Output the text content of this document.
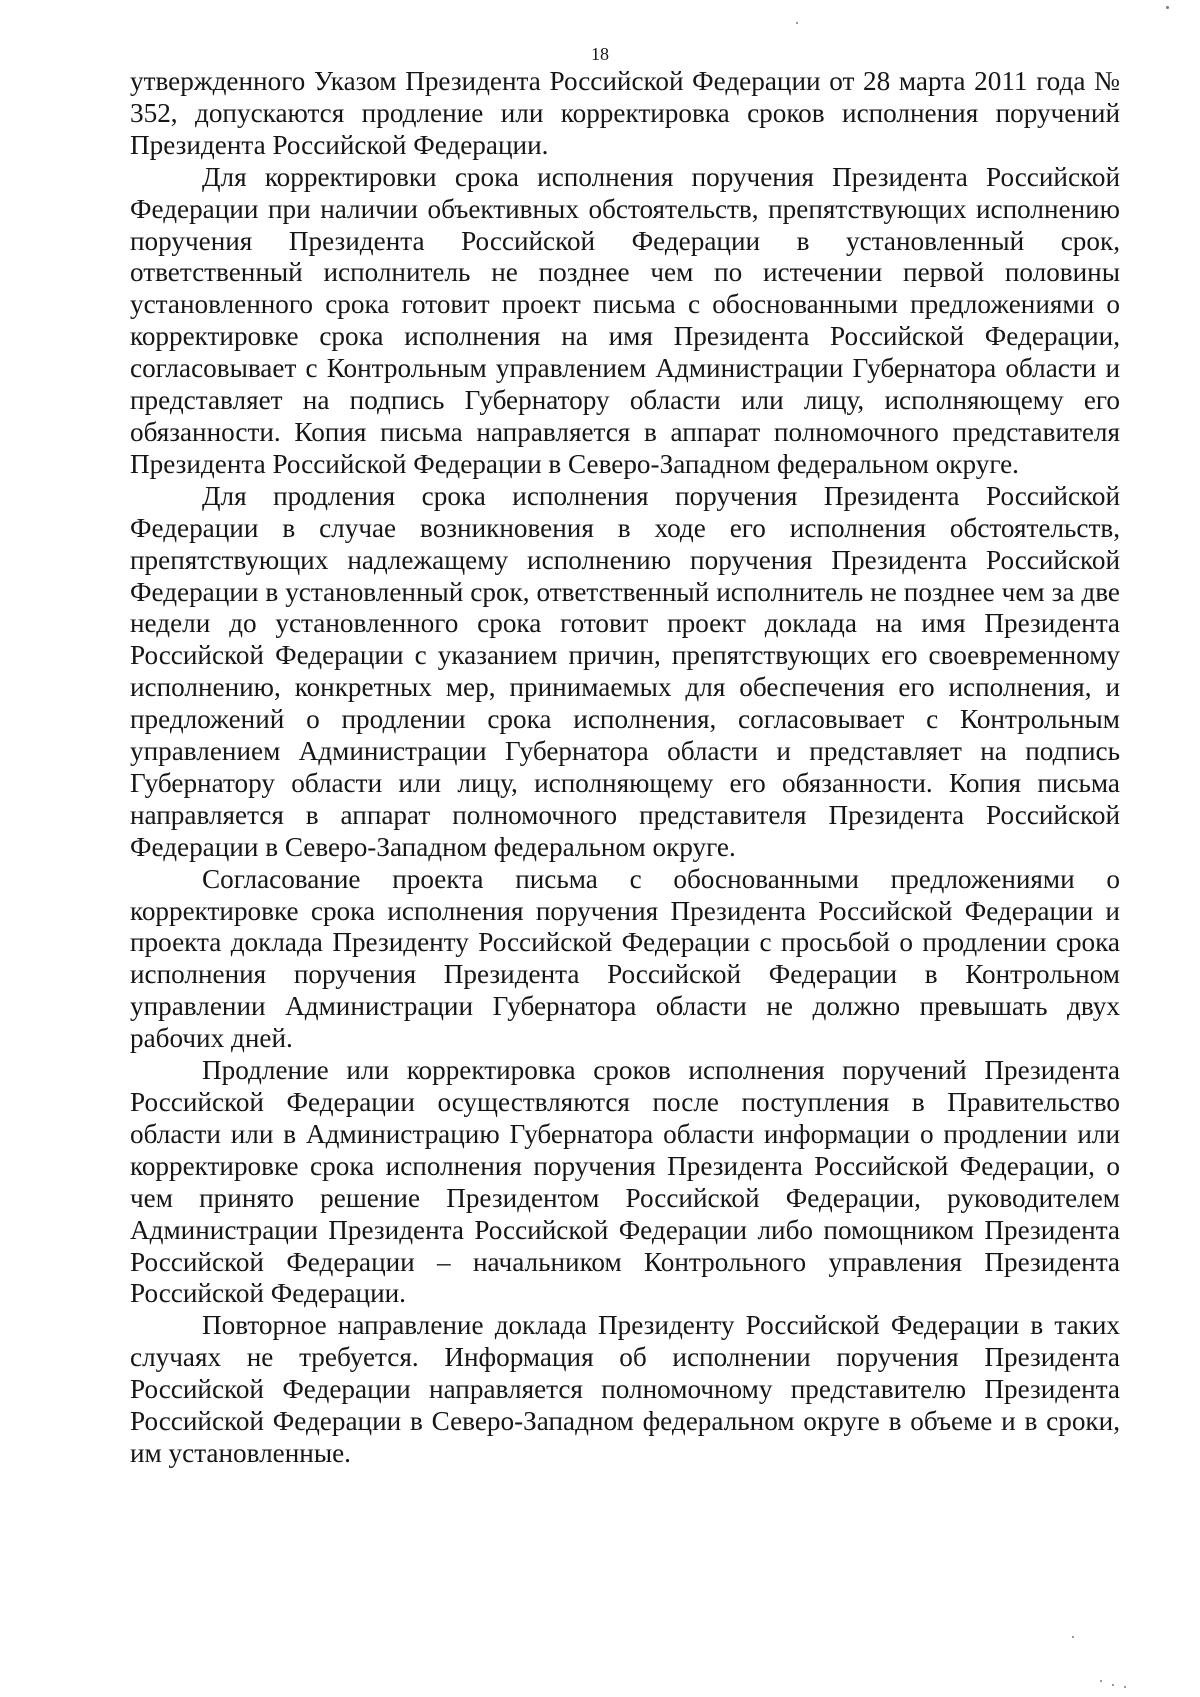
18

утвержденного Указом Президента Российской Федерации от 28 марта 2011 года № 352, допускаются продление или корректировка сроков исполнения поручений Президента Российской Федерации.

Для корректировки срока исполнения поручения Президента Российской Федерации при наличии объективных обстоятельств, препятствующих исполнению поручения Президента Российской Федерации в установленный срок, ответственный исполнитель не позднее чем по истечении первой половины установленного срока готовит проект письма с обоснованными предложениями о корректировке срока исполнения на имя Президента Российской Федерации, согласовывает с Контрольным управлением Администрации Губернатора области и представляет на подпись Губернатору области или лицу, исполняющему его обязанности. Копия письма направляется в аппарат полномочного представителя Президента Российской Федерации в Северо-Западном федеральном округе.

Для продления срока исполнения поручения Президента Российской Федерации в случае возникновения в ходе его исполнения обстоятельств, препятствующих надлежащему исполнению поручения Президента Российской Федерации в установленный срок, ответственный исполнитель не позднее чем за две недели до установленного срока готовит проект доклада на имя Президента Российской Федерации с указанием причин, препятствующих его своевременному исполнению, конкретных мер, принимаемых для обеспечения его исполнения, и предложений о продлении срока исполнения, согласовывает с Контрольным управлением Администрации Губернатора области и представляет на подпись Губернатору области или лицу, исполняющему его обязанности. Копия письма направляется в аппарат полномочного представителя Президента Российской Федерации в Северо-Западном федеральном округе.

Согласование проекта письма с обоснованными предложениями о корректировке срока исполнения поручения Президента Российской Федерации и проекта доклада Президенту Российской Федерации с просьбой о продлении срока исполнения поручения Президента Российской Федерации в Контрольном управлении Администрации Губернатора области не должно превышать двух рабочих дней.

Продление или корректировка сроков исполнения поручений Президента Российской Федерации осуществляются после поступления в Правительство области или в Администрацию Губернатора области информации о продлении или корректировке срока исполнения поручения Президента Российской Федерации, о чем принято решение Президентом Российской Федерации, руководителем Администрации Президента Российской Федерации либо помощником Президента Российской Федерации – начальником Контрольного управления Президента Российской Федерации.

Повторное направление доклада Президенту Российской Федерации в таких случаях не требуется. Информация об исполнении поручения Президента Российской Федерации направляется полномочному представителю Президента Российской Федерации в Северо-Западном федеральном округе в объеме и в сроки, им установленные.
